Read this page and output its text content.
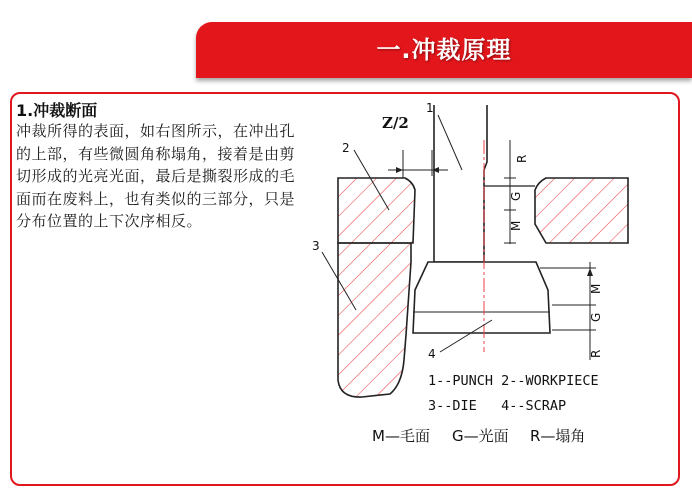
一.冲裁原理
1.冲裁断面
冲裁所得的表面，如右图所示，在冲出孔的上部，有些微圆角称塌角，接着是由剪切形成的光亮光面，最后是撕裂形成的毛面而在废料上，也有类似的三部分，只是分布位置的上下次序相反。
Z/2
1
2
3
4
R
G
M
M
G
R
1--PUNCH 2--WORKPIECE
3--DIE   4--SCRAP
M—毛面 G—光面 R—塌角
